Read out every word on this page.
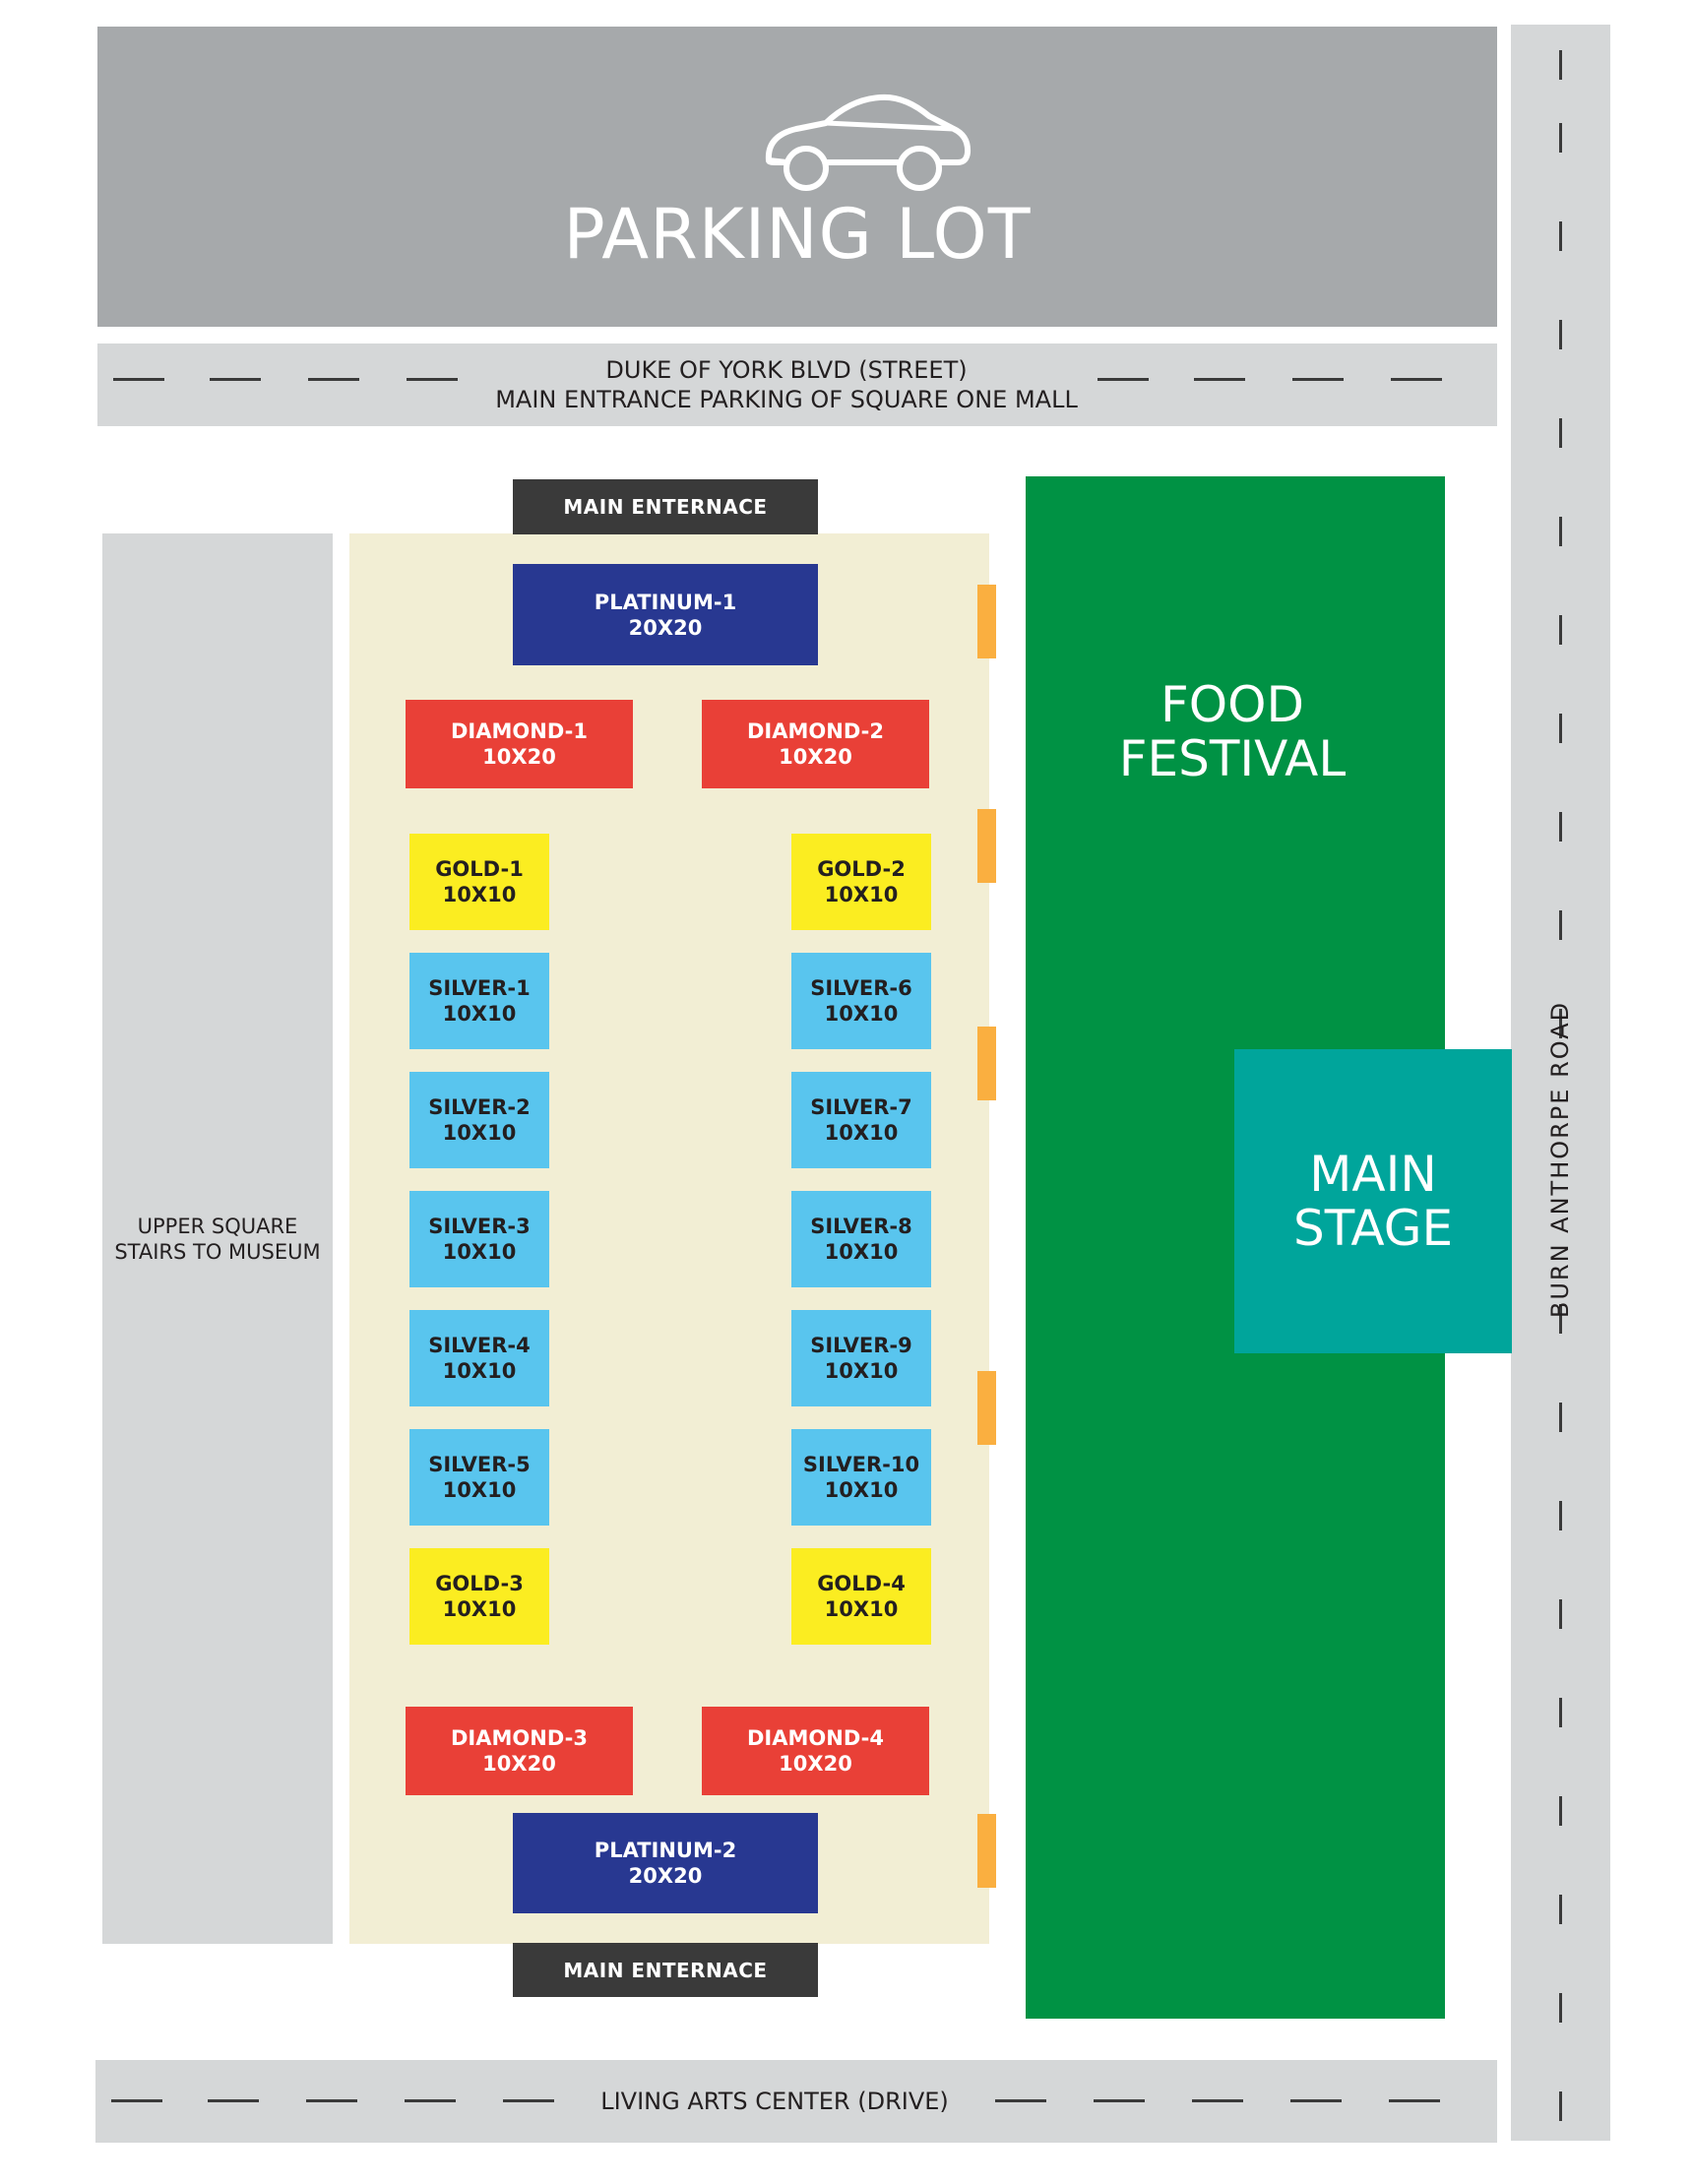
PARKING LOT
DUKE OF YORK BLVD (STREET)
MAIN ENTRANCE PARKING OF SQUARE ONE MALL
BURN ANTHORPE ROAD
UPPER SQUARE
STAIRS TO MUSEUM
MAIN ENTERNACE
MAIN ENTERNACE
PLATINUM-1
20X20
PLATINUM-2
20X20
DIAMOND-1
10X20
DIAMOND-2
10X20
DIAMOND-3
10X20
DIAMOND-4
10X20
GOLD-1
10X10
SILVER-1
10X10
SILVER-2
10X10
SILVER-3
10X10
SILVER-4
10X10
SILVER-5
10X10
GOLD-3
10X10
GOLD-2
10X10
SILVER-6
10X10
SILVER-7
10X10
SILVER-8
10X10
SILVER-9
10X10
SILVER-10
10X10
GOLD-4
10X10
FOOD
FESTIVAL
MAIN
STAGE
LIVING ARTS CENTER (DRIVE)
